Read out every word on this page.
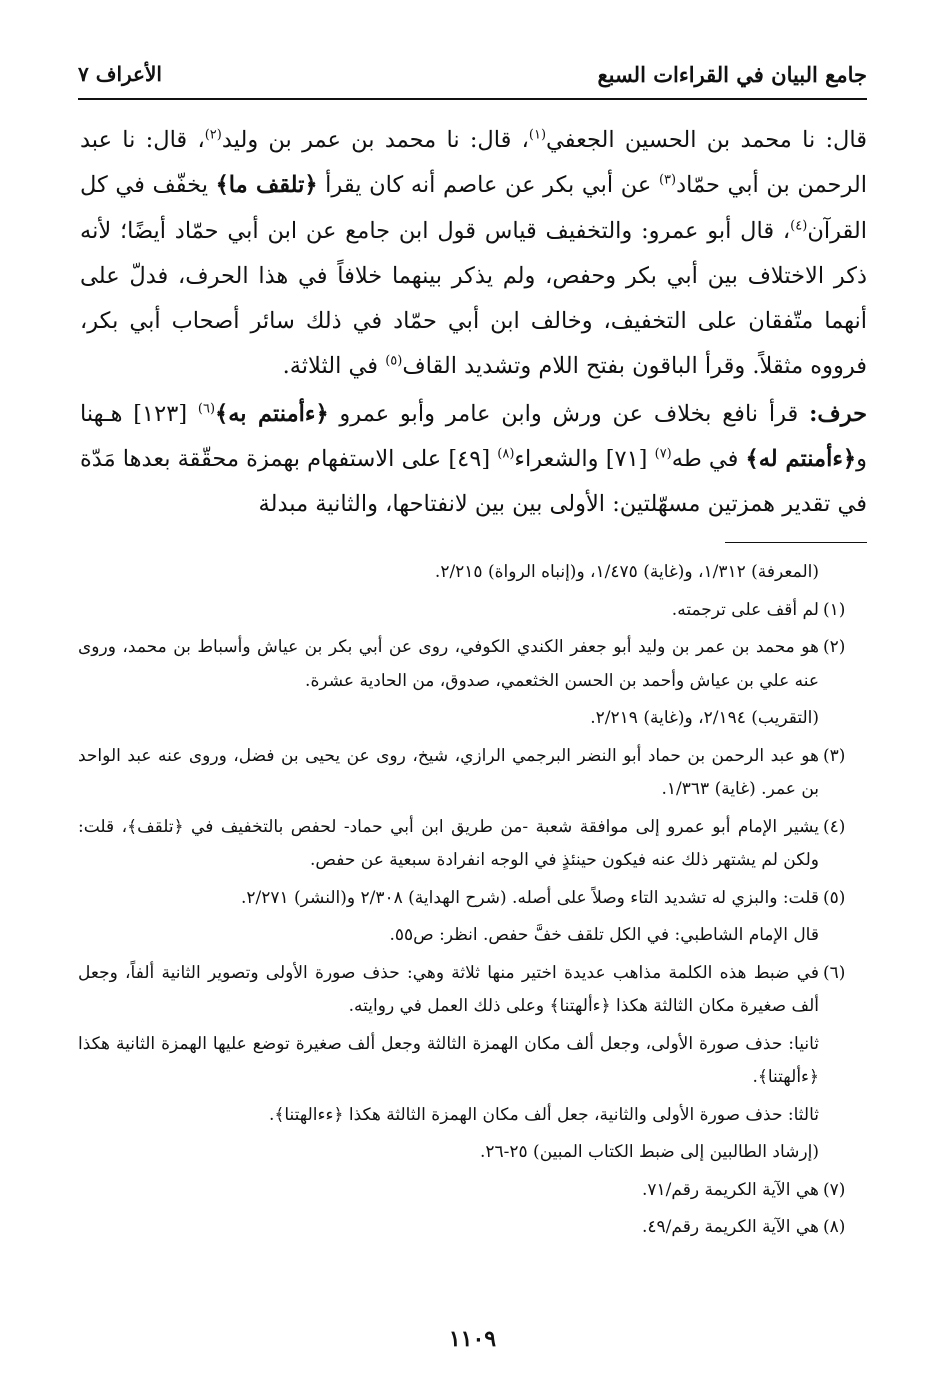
جامع البيان في القراءات السبع
الأعراف ٧

قال: نا محمد بن الحسين الجعفي$^{(١)}$، قال: نا محمد بن عمر بن وليد$^{(٢)}$، قال: نا عبد الرحمن بن أبي حمّاد$^{(٣)}$ عن أبي بكر عن عاصم أنه كان يقرأ ﴿تلقف ما﴾ يخفّف في كل القرآن$^{(٤)}$، قال أبو عمرو: والتخفيف قياس قول ابن جامع عن ابن أبي حمّاد أيضًا؛ لأنه ذكر الاختلاف بين أبي بكر وحفص، ولم يذكر بينهما خلافاً في هذا الحرف، فدلّ على أنهما متّفقان على التخفيف، وخالف ابن أبي حمّاد في ذلك سائر أصحاب أبي بكر، فرووه مثقلاً. وقرأ الباقون بفتح اللام وتشديد القاف$^{(٥)}$ في الثلاثة.

حرف: قرأ نافع بخلاف عن ورش وابن عامر وأبو عمرو ﴿ءأمنتم به﴾$^{(٦)}$ [١٢٣] هـهنا و﴿ءأمنتم له﴾ في طه$^{(٧)}$ [٧١] والشعراء$^{(٨)}$ [٤٩] على الاستفهام بهمزة محقّقة بعدها مَدّة في تقدير همزتين مسهّلتين: الأولى بين بين لانفتاحها، والثانية مبدلة

(المعرفة) ١/٣١٢، و(غاية) ١/٤٧٥، و(إنباه الرواة) ٢/٢١٥.

(١)
لم أقف على ترجمته.

(٢)
هو محمد بن عمر بن وليد أبو جعفر الكندي الكوفي، روى عن أبي بكر بن عياش وأسباط بن محمد، وروى عنه علي بن عياش وأحمد بن الحسن الخثعمي، صدوق، من الحادية عشرة.
(التقريب) ٢/١٩٤، و(غاية) ٢/٢١٩.

(٣)
هو عبد الرحمن بن حماد أبو النضر البرجمي الرازي، شيخ، روى عن يحيى بن فضل، وروى عنه عبد الواحد بن عمر. (غاية) ١/٣٦٣.

(٤)
يشير الإمام أبو عمرو إلى موافقة شعبة -من طريق ابن أبي حماد- لحفص بالتخفيف في ﴿تلقف﴾، قلت: ولكن لم يشتهر ذلك عنه فيكون حينئذٍ في الوجه انفرادة سبعية عن حفص.

(٥)
قلت: والبزي له تشديد التاء وصلاً على أصله. (شرح الهداية) ٢/٣٠٨ و(النشر) ٢/٢٧١.
قال الإمام الشاطبي: في الكل تلقف خفَّ حفص. انظر: ص٥٥.

(٦)
في ضبط هذه الكلمة مذاهب عديدة اختير منها ثلاثة وهي: حذف صورة الأولى وتصوير الثانية ألفاً، وجعل ألف صغيرة مكان الثالثة هكذا ﴿ءألهتنا﴾ وعلى ذلك العمل في روايته.
ثانيا: حذف صورة الأولى، وجعل ألف مكان الهمزة الثالثة وجعل ألف صغيرة توضع عليها الهمزة الثانية هكذا ﴿ءألهتنا﴾.
ثالثا: حذف صورة الأولى والثانية، جعل ألف مكان الهمزة الثالثة هكذا ﴿ءءالهتنا﴾.
(إرشاد الطالبين إلى ضبط الكتاب المبين) ٢٥-٢٦.

(٧)
هي الآية الكريمة رقم/٧١.

(٨)
هي الآية الكريمة رقم/٤٩.

١١٠٩
